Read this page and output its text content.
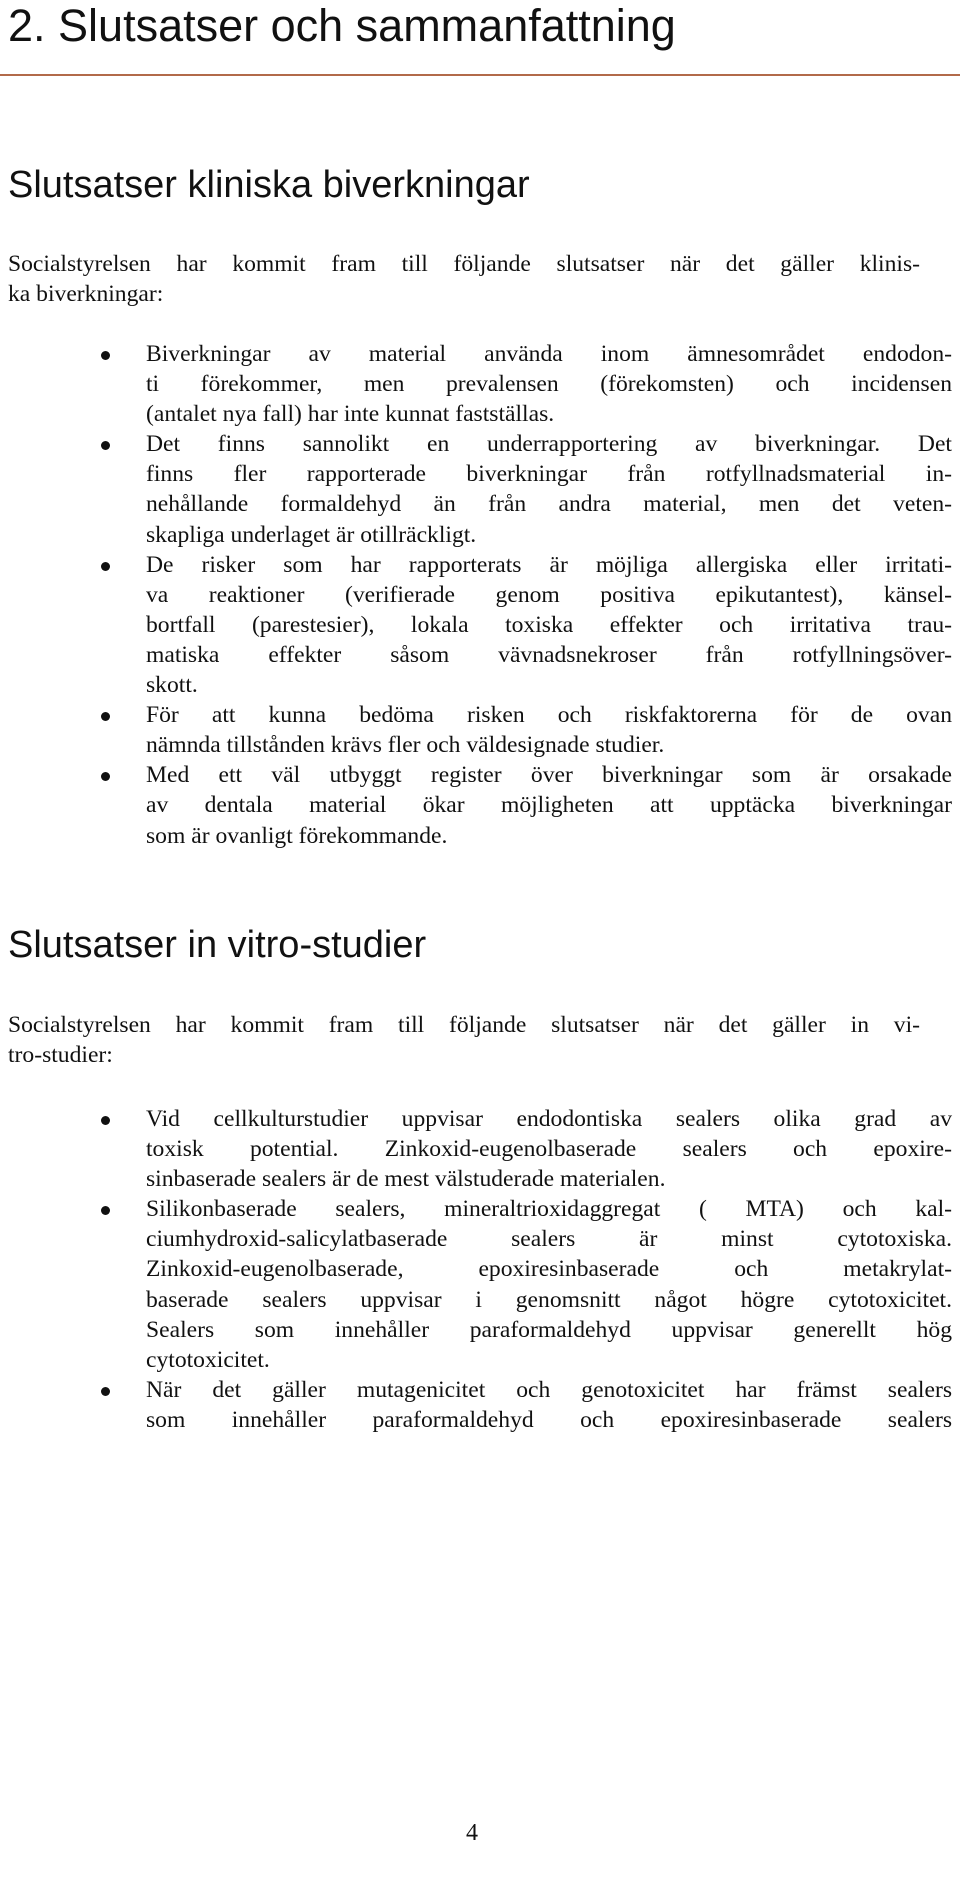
2. Slutsatser och sammanfattning
Slutsatser kliniska biverkningar

Socialstyrelsen har kommit fram till följande slutsatser när det gäller klinis-
ka biverkningar:

Biverkningar av material använda inom ämnesområdet endodon-
ti förekommer, men prevalensen (förekomsten) och incidensen
(antalet nya fall) har inte kunnat fastställas.
Det finns sannolikt en underrapportering av biverkningar. Det
finns fler rapporterade biverkningar från rotfyllnadsmaterial in-
nehållande formaldehyd än från andra material, men det veten-
skapliga underlaget är otillräckligt.
De risker som har rapporterats är möjliga allergiska eller irritati-
va reaktioner (verifierade genom positiva epikutantest), känsel-
bortfall (parestesier), lokala toxiska effekter och irritativa trau-
matiska effekter såsom vävnadsnekroser från rotfyllningsöver-
skott.
För att kunna bedöma risken och riskfaktorerna för de ovan
nämnda tillstånden krävs fler och väldesignade studier.
Med ett väl utbyggt register över biverkningar som är orsakade
av dentala material ökar möjligheten att upptäcka biverkningar
som är ovanligt förekommande.
Slutsatser in vitro-studier

Socialstyrelsen har kommit fram till följande slutsatser när det gäller in vi-
tro-studier:

Vid cellkulturstudier uppvisar endodontiska sealers olika grad av
toxisk potential. Zinkoxid-eugenolbaserade sealers och epoxire-
sinbaserade sealers är de mest välstuderade materialen.
Silikonbaserade sealers, mineraltrioxidaggregat ( MTA) och kal-
ciumhydroxid-salicylatbaserade sealers är minst cytotoxiska.
Zinkoxid-eugenolbaserade, epoxiresinbaserade och metakrylat-
baserade sealers uppvisar i genomsnitt något högre cytotoxicitet.
Sealers som innehåller paraformaldehyd uppvisar generellt hög
cytotoxicitet.
När det gäller mutagenicitet och genotoxicitet har främst sealers
som innehåller paraformaldehyd och epoxiresinbaserade sealers
4
